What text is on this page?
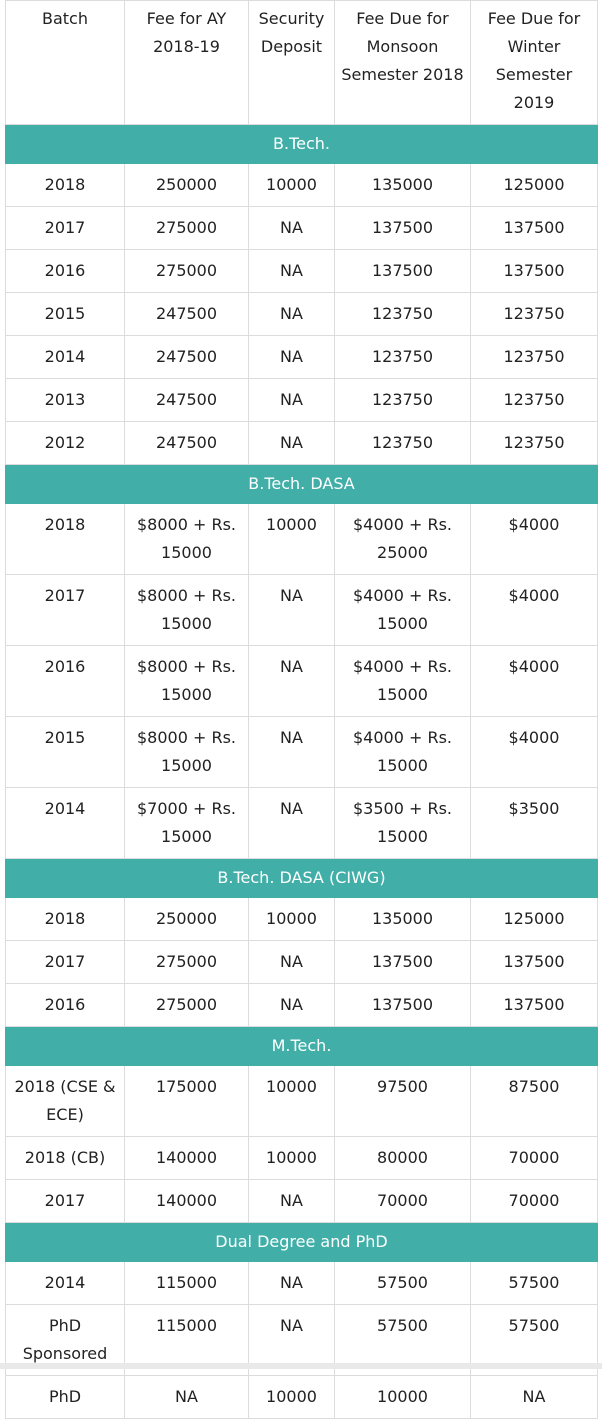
Batch	Fee for AY 2018-19	Security Deposit	Fee Due for Monsoon Semester 2018	Fee Due for Winter Semester 2019
B.Tech.				
2018	250000	10000	135000	125000
2017	275000	NA	137500	137500
2016	275000	NA	137500	137500
2015	247500	NA	123750	123750
2014	247500	NA	123750	123750
2013	247500	NA	123750	123750
2012	247500	NA	123750	123750
B.Tech. DASA				
2018	$8000 + Rs. 15000	10000	$4000 + Rs. 25000	$4000
2017	$8000 + Rs. 15000	NA	$4000 + Rs. 15000	$4000
2016	$8000 + Rs. 15000	NA	$4000 + Rs. 15000	$4000
2015	$8000 + Rs. 15000	NA	$4000 + Rs. 15000	$4000
2014	$7000 + Rs. 15000	NA	$3500 + Rs. 15000	$3500
B.Tech. DASA (CIWG)				
2018	250000	10000	135000	125000
2017	275000	NA	137500	137500
2016	275000	NA	137500	137500
M.Tech.				
2018 (CSE & ECE)	175000	10000	97500	87500
2018 (CB)	140000	10000	80000	70000
2017	140000	NA	70000	70000
Dual Degree and PhD				
2014	115000	NA	57500	57500
PhD Sponsored	115000	NA	57500	57500
PhD	NA	10000	10000	NA
